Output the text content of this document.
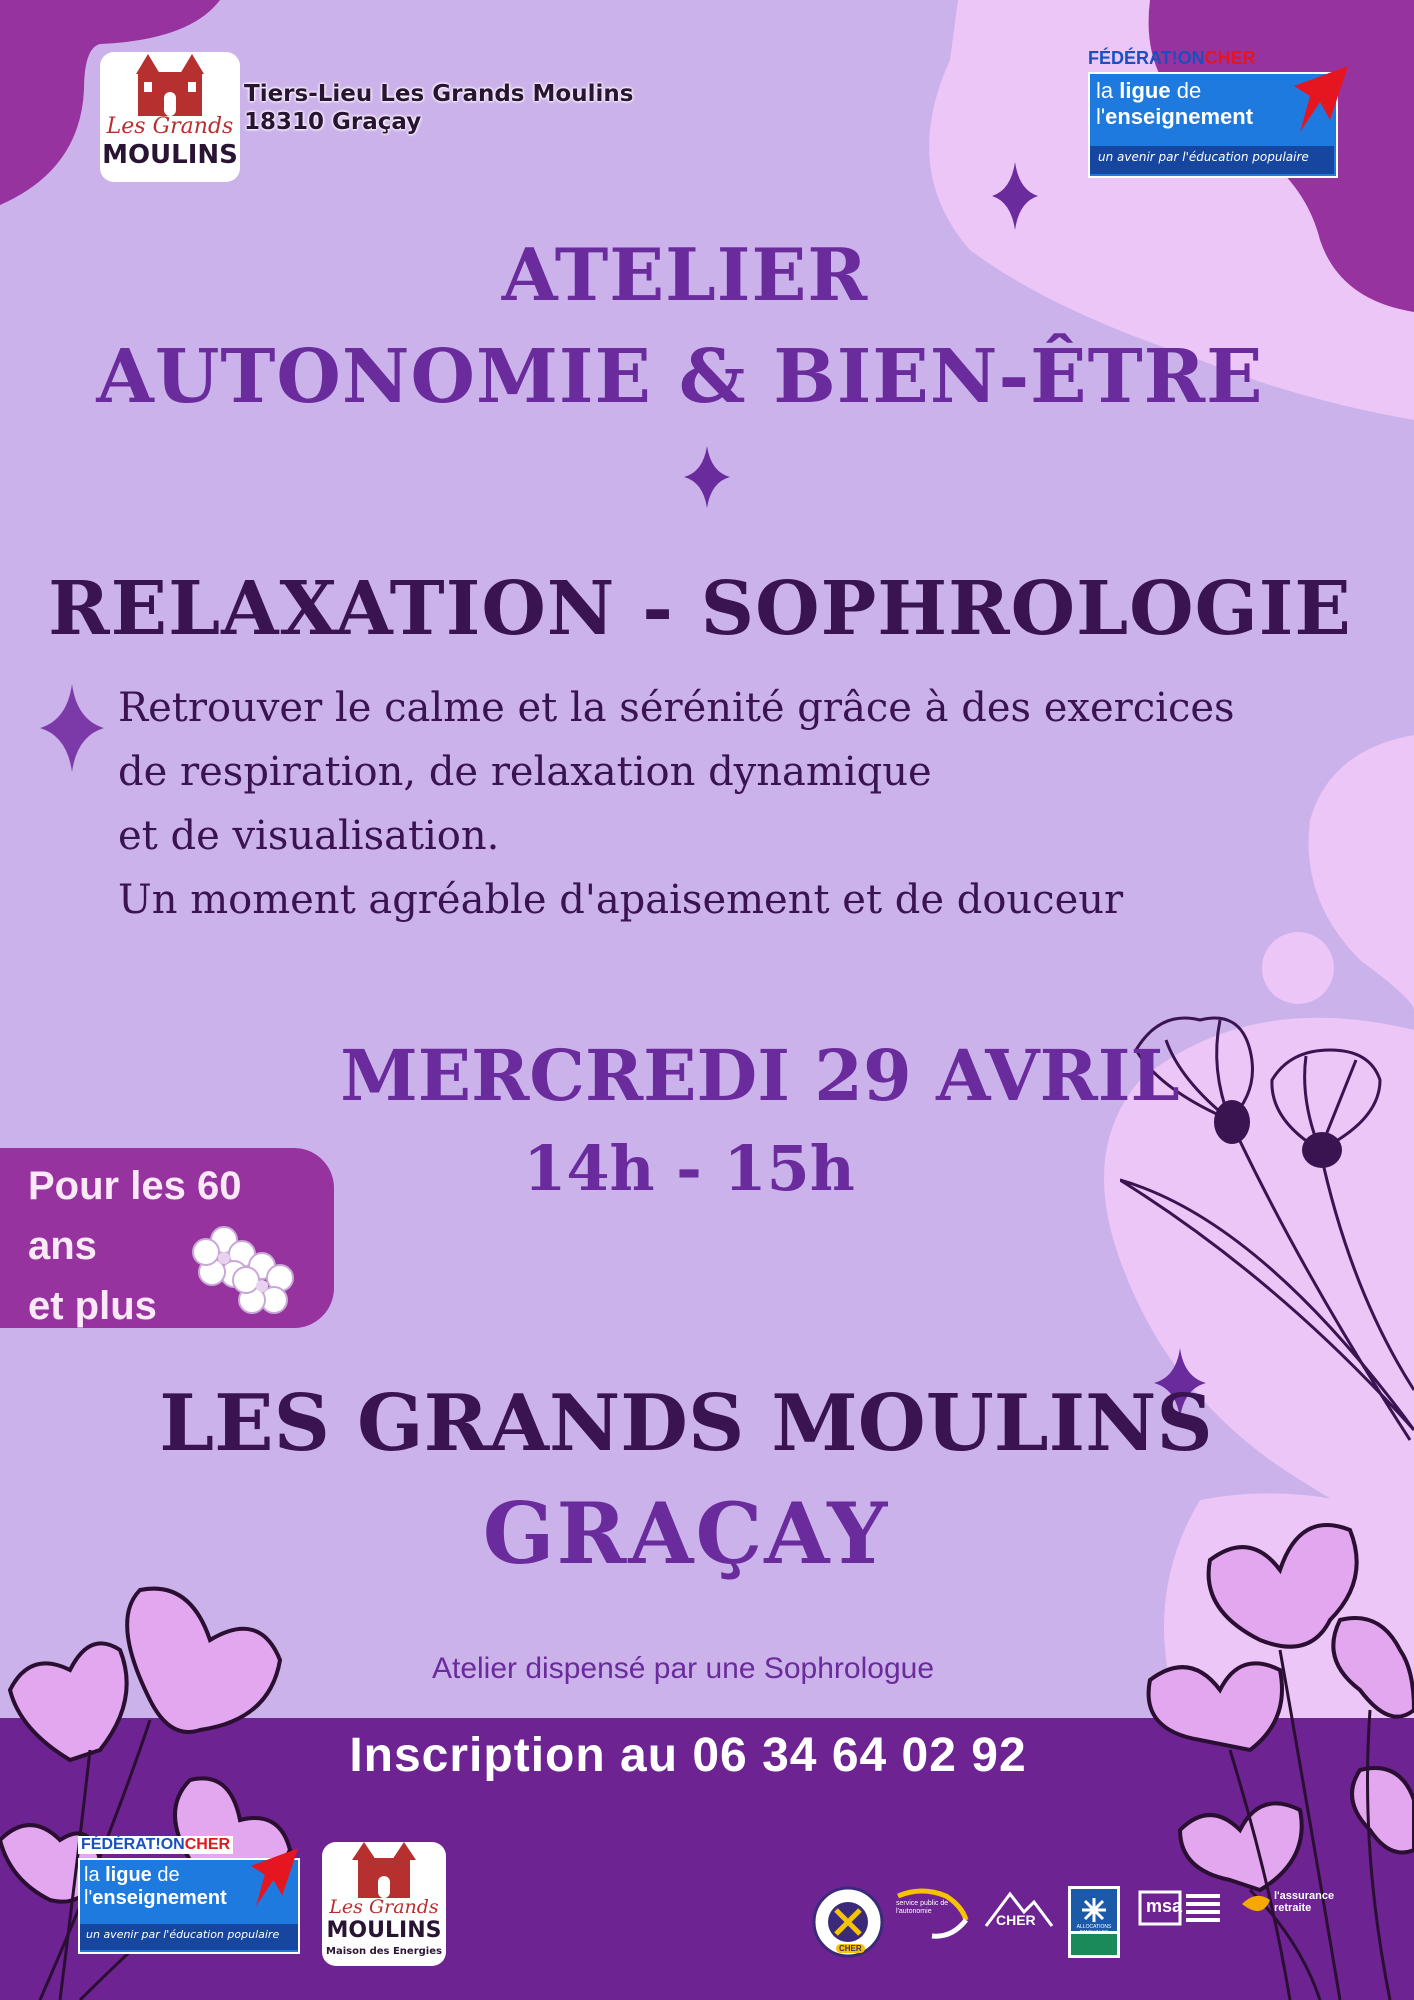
Les Grands
MOULINS
Tiers-Lieu Les Grands Moulins
18310 Graçay
FÉDÉRAT!ONCHER
la ligue de
l'enseignement
un avenir par l'éducation populaire
ATELIER
AUTONOMIE & BIEN-ÊTRE
RELAXATION - SOPHROLOGIE
Retrouver le calme et la sérénité grâce à des exercices
de respiration, de relaxation dynamique
et de visualisation.
Un moment agréable d'apaisement et de douceur
MERCREDI 29 AVRIL
14h - 15h
Pour les 60 ans
et plus
LES GRANDS MOULINS
GRAÇAY
Atelier dispensé par une Sophrologue
Inscription au 06 34 64 02 92
FÉDÉRAT!ONCHER
la ligue de
l'enseignement
un avenir par l'éducation populaire
Les Grands
MOULINS
Maison des Energies	CHER
service public de l'autonomie
CHER	ALLOCATIONS FAMILIALES
msa	l'assurance retraite
